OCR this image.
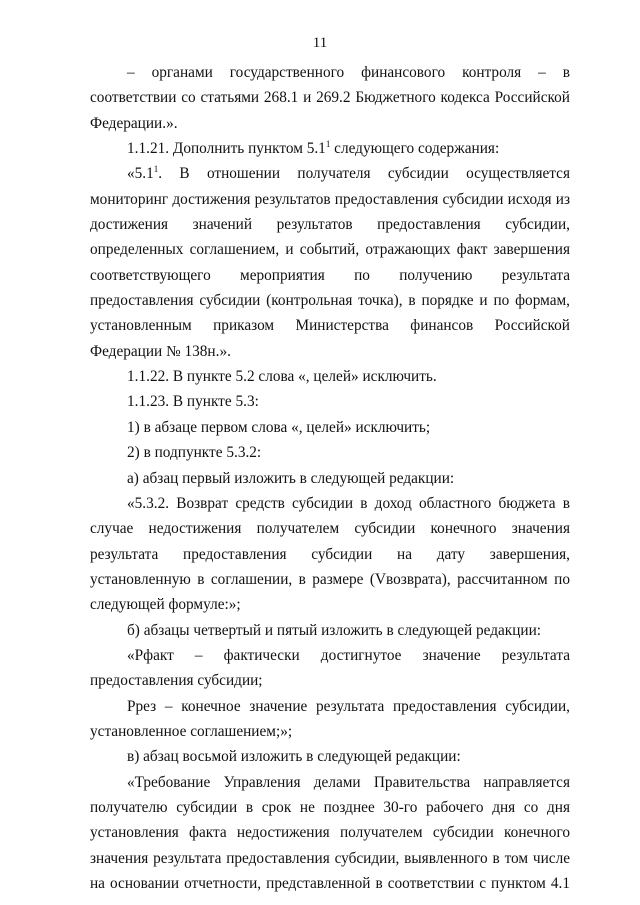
11

– органами государственного финансового контроля – в соответствии со статьями 268.1 и 269.2 Бюджетного кодекса Российской Федерации.».

1.1.21. Дополнить пунктом $5.1^1$ следующего содержания:

«$5.1^1$. В отношении получателя субсидии осуществляется мониторинг достижения результатов предоставления субсидии исходя из достижения значений результатов предоставления субсидии, определенных соглашением, и событий, отражающих факт завершения соответствующего мероприятия по получению результата предоставления субсидии (контрольная точка), в порядке и по формам, установленным приказом Министерства финансов Российской Федерации № 138н.».

1.1.22. В пункте 5.2 слова «, целей» исключить.

1.1.23. В пункте 5.3:

1) в абзаце первом слова «, целей» исключить;

2) в подпункте 5.3.2:

а) абзац первый изложить в следующей редакции:

«5.3.2. Возврат средств субсидии в доход областного бюджета в случае недостижения получателем субсидии конечного значения результата предоставления субсидии на дату завершения, установленную в соглашении, в размере (Vвозврата), рассчитанном по следующей формуле:»;

б) абзацы четвертый и пятый изложить в следующей редакции:

«Рфакт – фактически достигнутое значение результата предоставления субсидии;

Ррез – конечное значение результата предоставления субсидии, установленное соглашением;»;

в) абзац восьмой изложить в следующей редакции:

«Требование Управления делами Правительства направляется получателю субсидии в срок не позднее 30-го рабочего дня со дня установления факта недостижения получателем субсидии конечного значения результата предоставления субсидии, выявленного в том числе на основании отчетности, представленной в соответствии с пунктом 4.1
